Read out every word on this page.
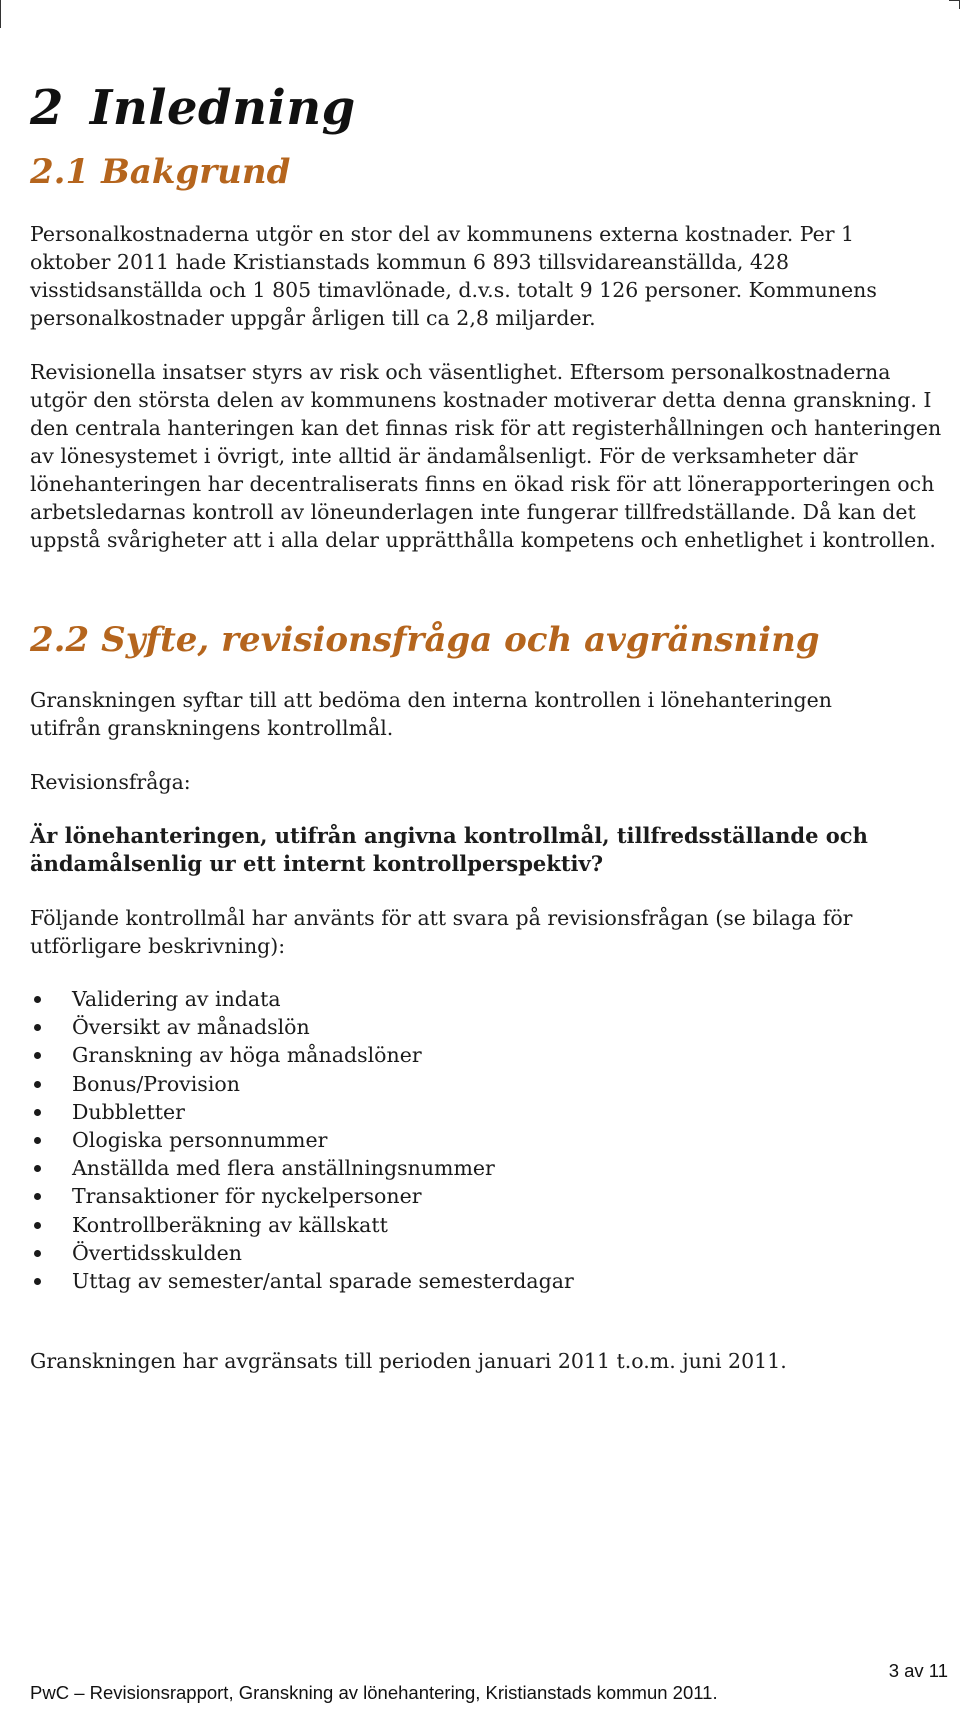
2 Inledning
2.1 Bakgrund

Personalkostnaderna utgör en stor del av kommunens externa kostnader. Per 1 oktober 2011 hade Kristianstads kommun 6 893 tillsvidareanställda, 428 visstidsanställda och 1 805 timavlönade, d.v.s. totalt 9 126 personer. Kommunens personalkostnader uppgår årligen till ca 2,8 miljarder.

Revisionella insatser styrs av risk och väsentlighet. Eftersom personalkostnaderna utgör den största delen av kommunens kostnader motiverar detta denna granskning. I den centrala hanteringen kan det finnas risk för att registerhållningen och hanteringen av lönesystemet i övrigt, inte alltid är ändamålsenligt. För de verksamheter där lönehanteringen har decentraliserats finns en ökad risk för att lönerapporteringen och arbetsledarnas kontroll av löneunderlagen inte fungerar tillfredställande. Då kan det uppstå svårigheter att i alla delar upprätthålla kompetens och enhetlighet i kontrollen.

2.2 Syfte, revisionsfråga och avgränsning

Granskningen syftar till att bedöma den interna kontrollen i lönehanteringen utifrån granskningens kontrollmål.

Revisionsfråga:

Är lönehanteringen, utifrån angivna kontrollmål, tillfredsställande och ändamålsenlig ur ett internt kontrollperspektiv?

Följande kontrollmål har använts för att svara på revisionsfrågan (se bilaga för utförligare beskrivning):

Validering av indata
Översikt av månadslön
Granskning av höga månadslöner
Bonus/Provision
Dubbletter
Ologiska personnummer
Anställda med flera anställningsnummer
Transaktioner för nyckelpersoner
Kontrollberäkning av källskatt
Övertidsskulden
Uttag av semester/antal sparade semesterdagar

Granskningen har avgränsats till perioden januari 2011 t.o.m. juni 2011.

3 av 11
PwC – Revisionsrapport, Granskning av lönehantering, Kristianstads kommun 2011.
